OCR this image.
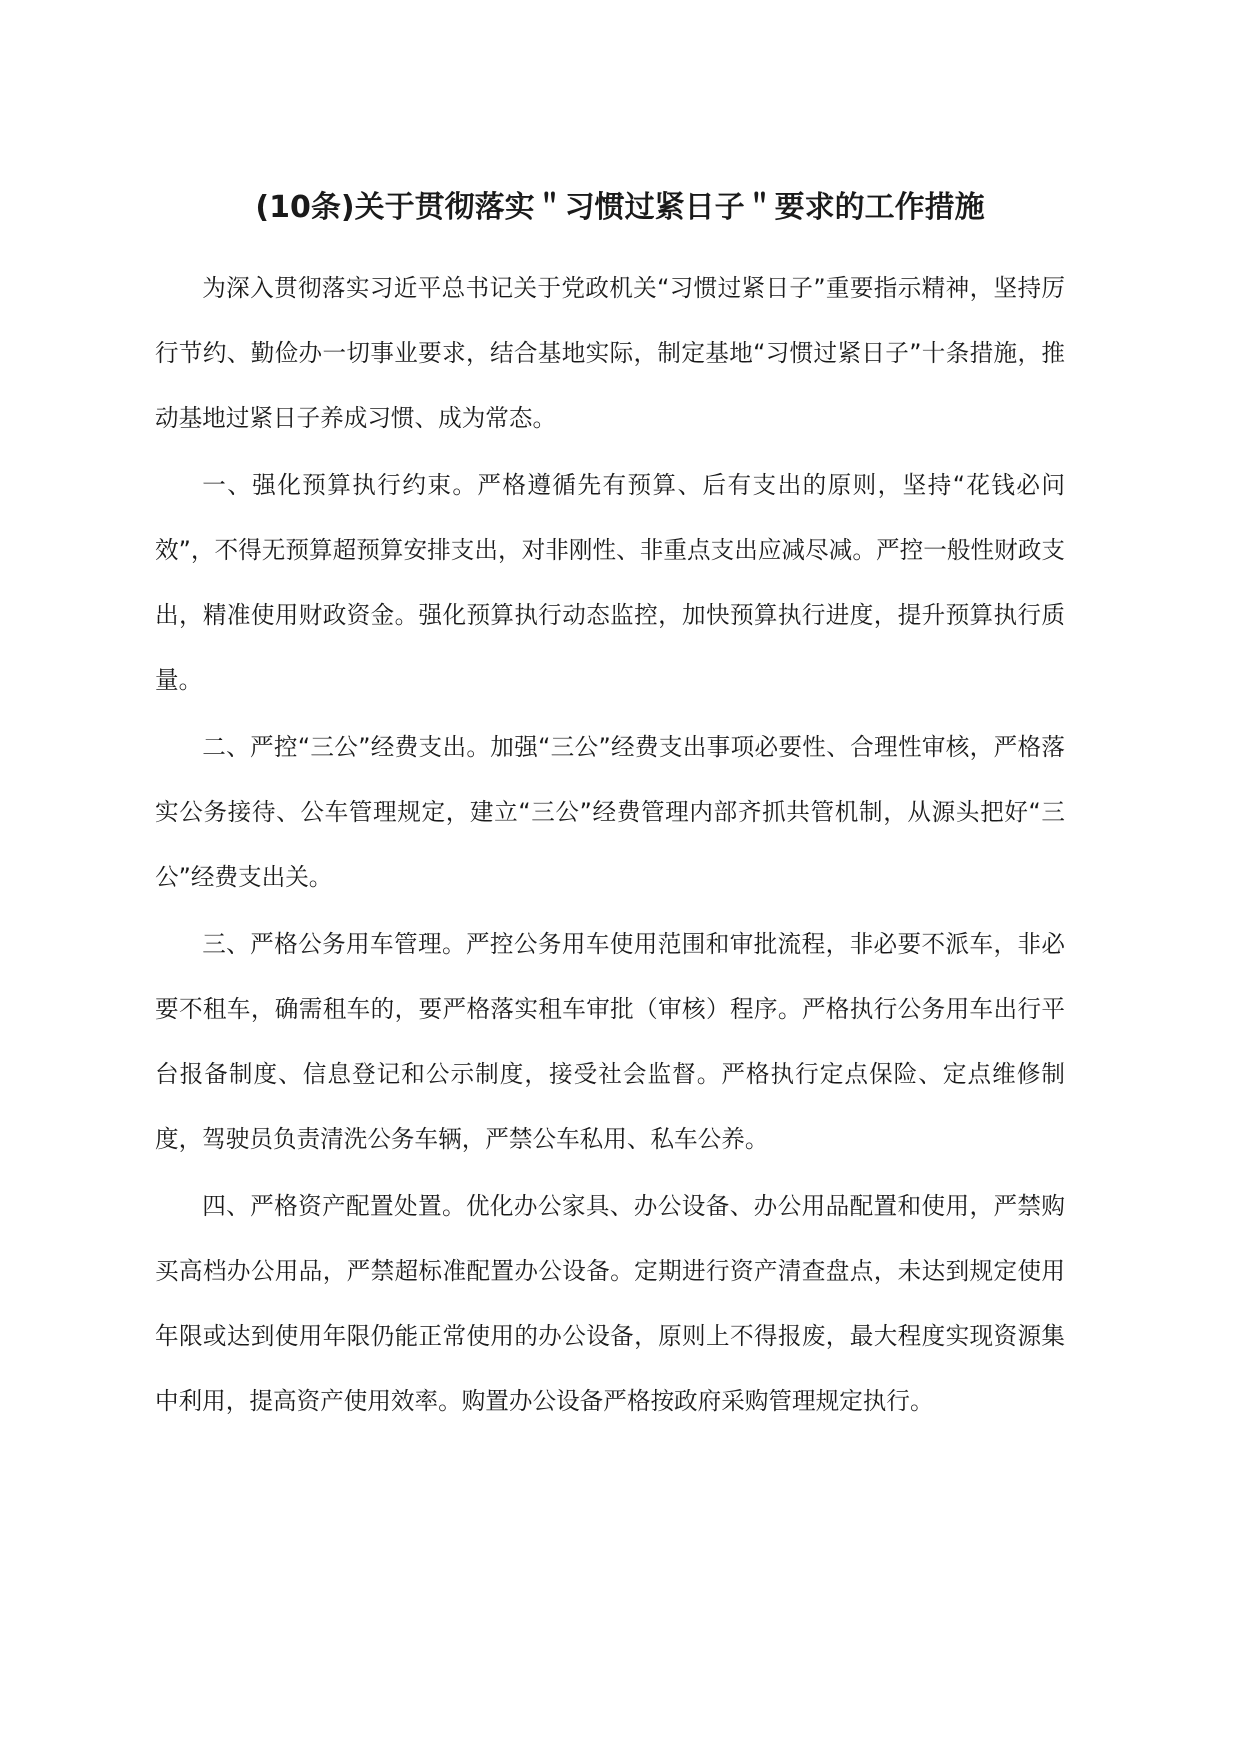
(10条)关于贯彻落实＂习惯过紧日子＂要求的工作措施

为深入贯彻落实习近平总书记关于党政机关“习惯过紧日子”重要指示精神，坚持厉行节约、勤俭办一切事业要求，结合基地实际，制定基地“习惯过紧日子”十条措施，推动基地过紧日子养成习惯、成为常态。

一、强化预算执行约束。严格遵循先有预算、后有支出的原则，坚持“花钱必问效”，不得无预算超预算安排支出，对非刚性、非重点支出应减尽减。严控一般性财政支出，精准使用财政资金。强化预算执行动态监控，加快预算执行进度，提升预算执行质量。

二、严控“三公”经费支出。加强“三公”经费支出事项必要性、合理性审核，严格落实公务接待、公车管理规定，建立“三公”经费管理内部齐抓共管机制，从源头把好“三公”经费支出关。

三、严格公务用车管理。严控公务用车使用范围和审批流程，非必要不派车，非必要不租车，确需租车的，要严格落实租车审批（审核）程序。严格执行公务用车出行平台报备制度、信息登记和公示制度，接受社会监督。严格执行定点保险、定点维修制度，驾驶员负责清洗公务车辆，严禁公车私用、私车公养。

四、严格资产配置处置。优化办公家具、办公设备、办公用品配置和使用，严禁购买高档办公用品，严禁超标准配置办公设备。定期进行资产清查盘点，未达到规定使用年限或达到使用年限仍能正常使用的办公设备，原则上不得报废，最大程度实现资源集中利用，提高资产使用效率。购置办公设备严格按政府采购管理规定执行。
